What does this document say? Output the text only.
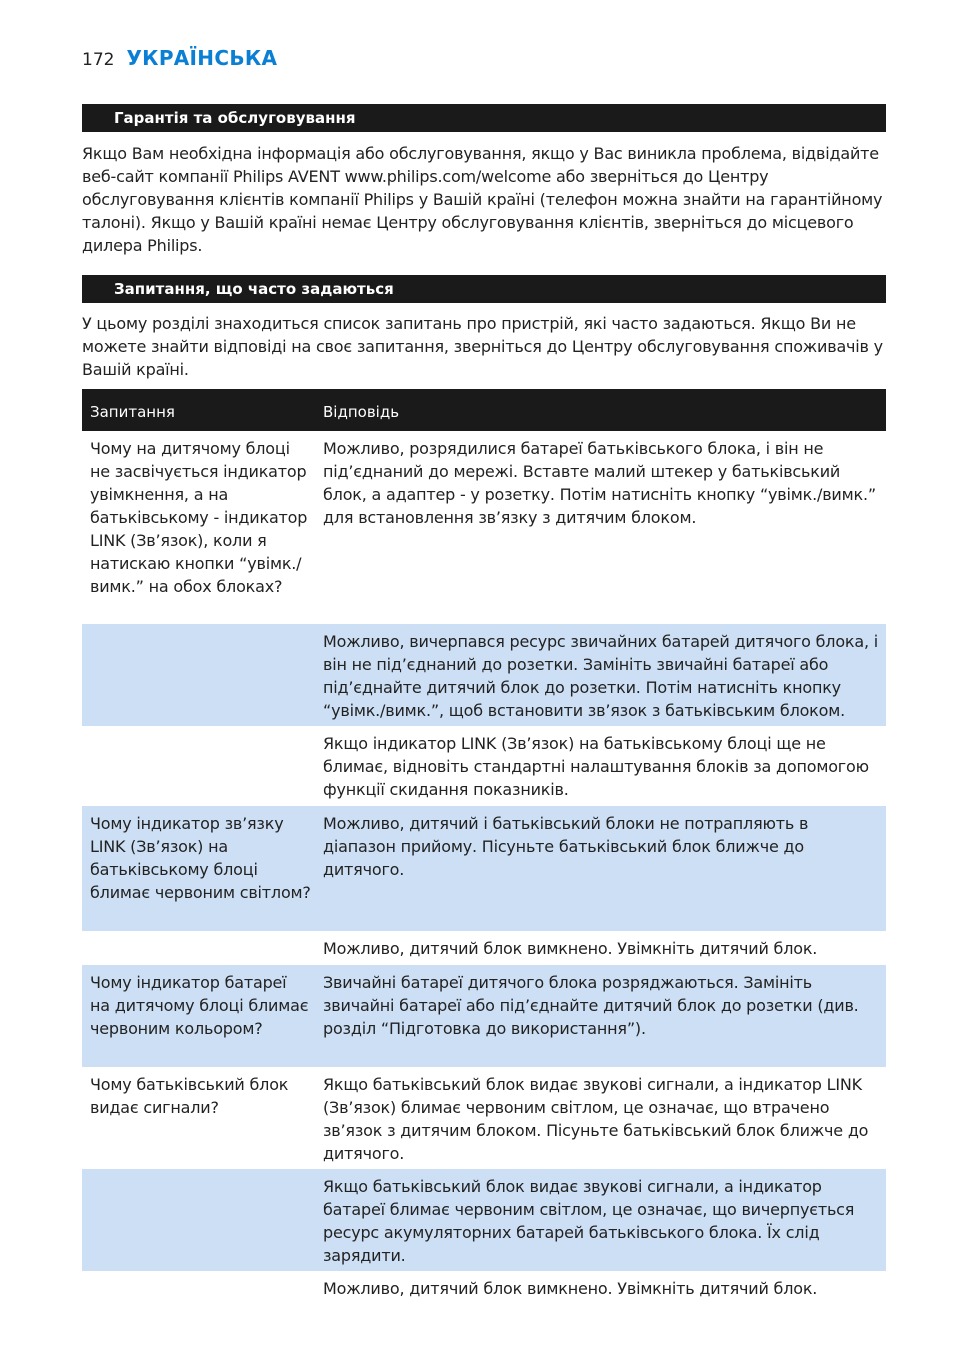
172 УКРАЇНСЬКА
Гарантія та обслуговування

Якщо Вам необхідна інформація або обслуговування, якщо у Вас виникла проблема, відвідайте веб-сайт компанії Philips AVENT www.philips.com/welcome або зверніться до Центру обслуговування клієнтів компанії Philips у Вашій країні (телефон можна знайти на гарантійному талоні). Якщо у Вашій країні немає Центру обслуговування клієнтів, зверніться до місцевого дилера Philips.

Запитання, що часто задаються

У цьому розділі знаходиться список запитань про пристрій, які часто задаються. Якщо Ви не можете знайти відповіді на своє запитання, зверніться до Центру обслуговування споживачів у Вашій країні.

Запитання	Відповідь
Чому на дитячому блоці не засвічується індикатор увімкнення, а на батьківському - індикатор LINK (Зв’язок), коли я натискаю кнопки “увімк./вимк.” на обох блоках?
Можливо, розрядилися батареї батьківського блока, і він не під’єднаний до мережі. Вставте малий штекер у батьківський блок, а адаптер - у розетку. Потім натисніть кнопку “увімк./вимк.” для встановлення зв’язку з дитячим блоком.
Можливо, вичерпався ресурс звичайних батарей дитячого блока, і він не під’єднаний до розетки. Замініть звичайні батареї або під’єднайте дитячий блок до розетки. Потім натисніть кнопку “увімк./вимк.”, щоб встановити зв’язок з батьківським блоком.
Якщо індикатор LINK (Зв’язок) на батьківському блоці ще не блимає, відновіть стандартні налаштування блоків за допомогою функції скидання показників.
Чому індикатор зв’язку LINK (Зв’язок) на батьківському блоці блимає червоним світлом?
Можливо, дитячий і батьківський блоки не потрапляють в діапазон прийому. Пісуньте батьківський блок ближче до дитячого.
Можливо, дитячий блок вимкнено. Увімкніть дитячий блок.
Чому індикатор батареї на дитячому блоці блимає червоним кольором?
Звичайні батареї дитячого блока розряджаються. Замініть звичайні батареї або під’єднайте дитячий блок до розетки (див. розділ “Підготовка до використання”).
Чому батьківський блок видає сигнали?
Якщо батьківський блок видає звукові сигнали, а індикатор LINK (Зв’язок) блимає червоним світлом, це означає, що втрачено зв’язок з дитячим блоком. Пісуньте батьківський блок ближче до дитячого.
Якщо батьківський блок видає звукові сигнали, а індикатор батареї блимає червоним світлом, це означає, що вичерпується ресурс акумуляторних батарей батьківського блока. Їх слід зарядити.
Можливо, дитячий блок вимкнено. Увімкніть дитячий блок.
